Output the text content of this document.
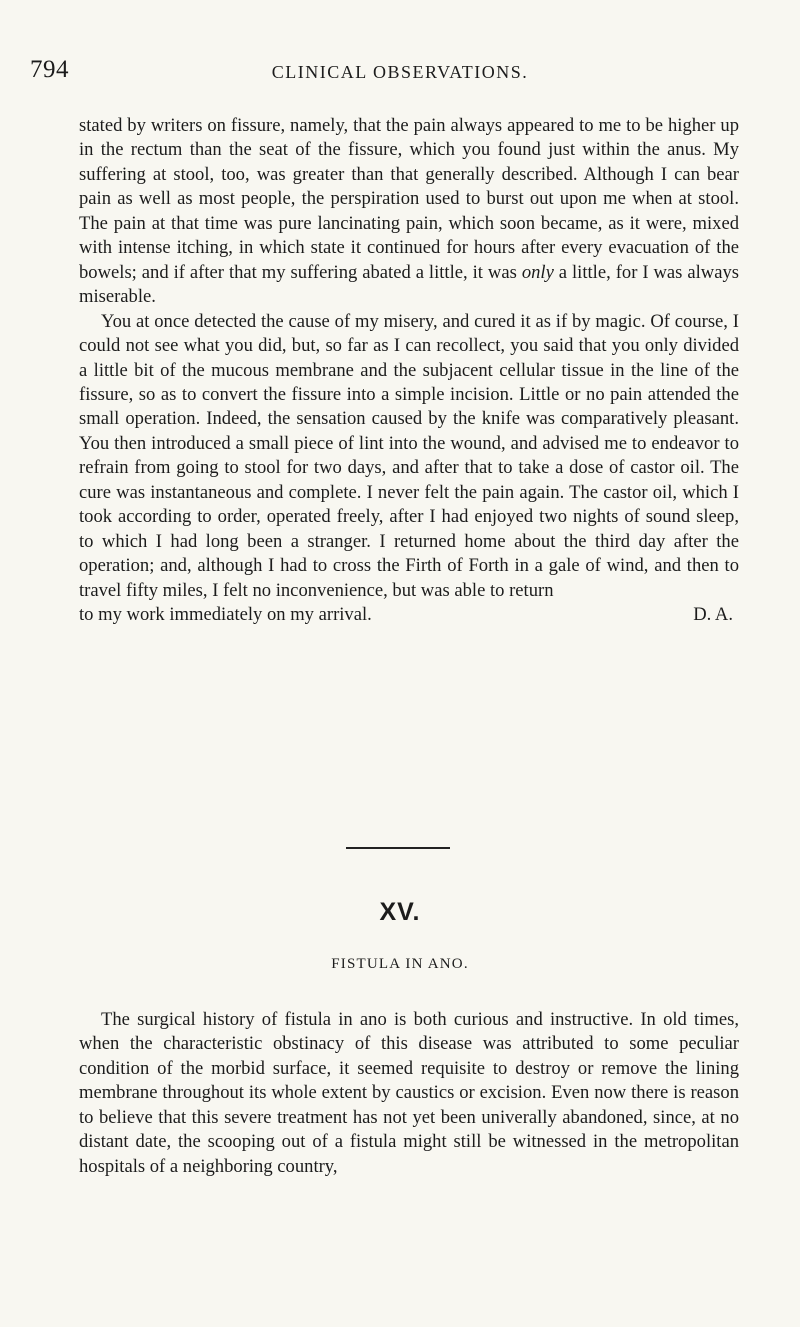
794	CLINICAL OBSERVATIONS.

stated by writers on fissure, namely, that the pain always appeared to me to be higher up in the rectum than the seat of the fissure, which you found just within the anus. My suffering at stool, too, was greater than that generally described. Although I can bear pain as well as most people, the perspiration used to burst out upon me when at stool. The pain at that time was pure lancinating pain, which soon became, as it were, mixed with intense itching, in which state it continued for hours after every evacuation of the bowels; and if after that my suffering abated a little, it was only a little, for I was always miserable.

You at once detected the cause of my misery, and cured it as if by magic. Of course, I could not see what you did, but, so far as I can recollect, you said that you only divided a little bit of the mucous membrane and the subjacent cellular tissue in the line of the fissure, so as to convert the fissure into a simple incision. Little or no pain attended the small operation. Indeed, the sensation caused by the knife was comparatively pleasant. You then introduced a small piece of lint into the wound, and advised me to endeavor to refrain from going to stool for two days, and after that to take a dose of castor oil. The cure was instantaneous and complete. I never felt the pain again. The castor oil, which I took according to order, operated freely, after I had enjoyed two nights of sound sleep, to which I had long been a stranger. I returned home about the third day after the operation; and, although I had to cross the Firth of Forth in a gale of wind, and then to travel fifty miles, I felt no inconvenience, but was able to return

to my work immediately on my arrival.	D. A.
XV.
FISTULA IN ANO.

The surgical history of fistula in ano is both curious and instructive. In old times, when the characteristic obstinacy of this disease was attributed to some peculiar condition of the morbid surface, it seemed requisite to destroy or remove the lining membrane throughout its whole extent by caustics or excision. Even now there is reason to believe that this severe treatment has not yet been univerally abandoned, since, at no distant date, the scooping out of a fistula might still be witnessed in the metropolitan hospitals of a neighboring country,
